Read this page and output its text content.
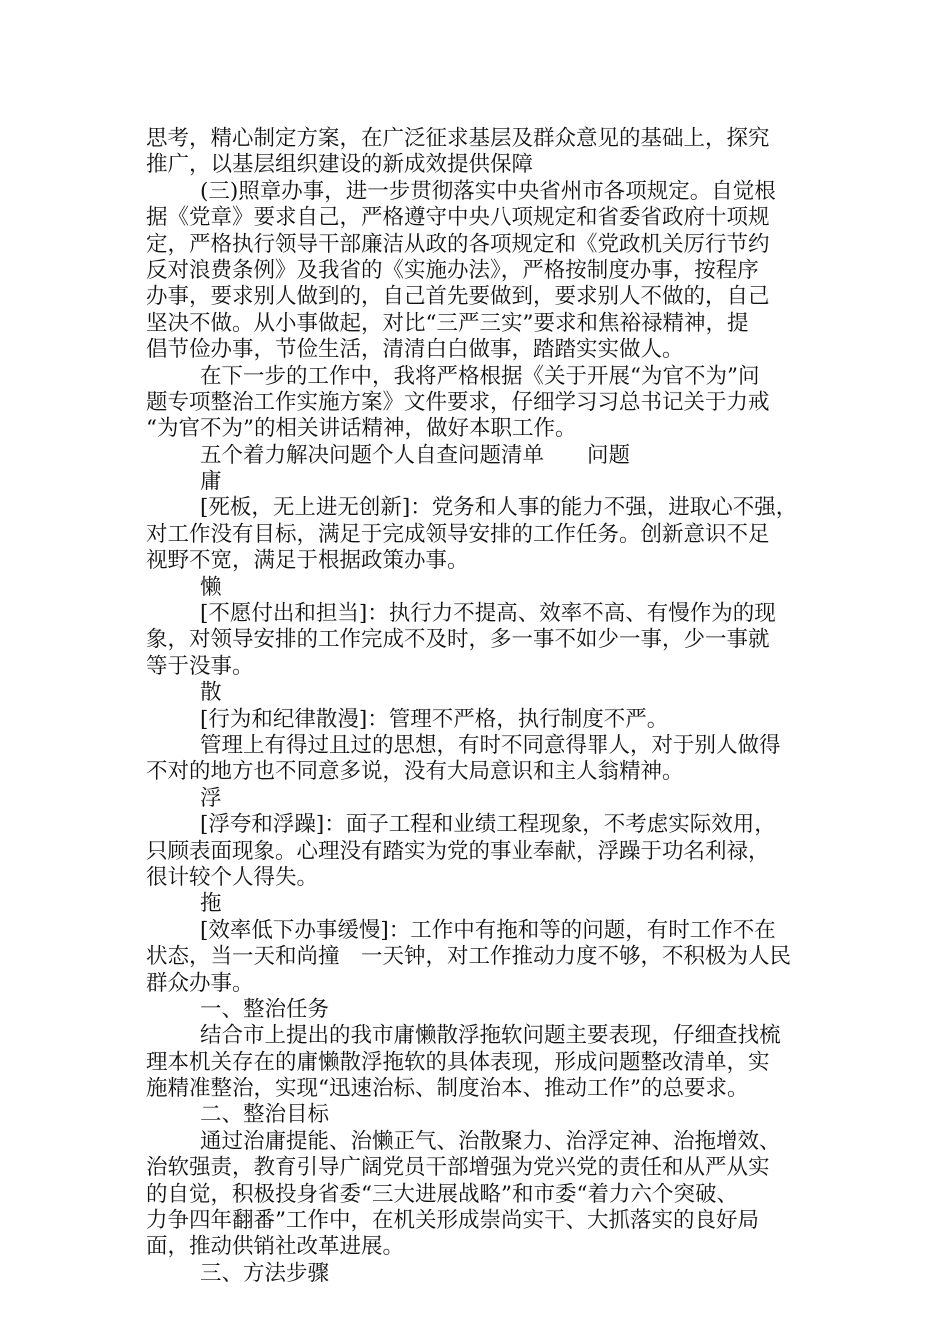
思考，精心制定方案，在广泛征求基层及群众意见的基础上，探究
推广，以基层组织建设的新成效提供保障
(三)照章办事，进一步贯彻落实中央省州市各项规定。自觉根
据《党章》要求自己，严格遵守中央八项规定和省委省政府十项规
定，严格执行领导干部廉洁从政的各项规定和《党政机关厉行节约
反对浪费条例》及我省的《实施办法》，严格按制度办事，按程序
办事，要求别人做到的，自己首先要做到，要求别人不做的，自己
坚决不做。从小事做起，对比“三严三实”要求和焦裕禄精神，提
倡节俭办事，节俭生活，清清白白做事，踏踏实实做人。
在下一步的工作中，我将严格根据《关于开展“为官不为”问
题专项整治工作实施方案》文件要求，仔细学习习总书记关于力戒
“为官不为”的相关讲话精神，做好本职工作。
五个着力解决问题个人自查问题清单　　问题
庸
[死板，无上进无创新]：党务和人事的能力不强，进取心不强，
对工作没有目标，满足于完成领导安排的工作任务。创新意识不足
视野不宽，满足于根据政策办事。
懒
[不愿付出和担当]：执行力不提高、效率不高、有慢作为的现
象，对领导安排的工作完成不及时，多一事不如少一事，少一事就
等于没事。
散
[行为和纪律散漫]：管理不严格，执行制度不严。
管理上有得过且过的思想，有时不同意得罪人，对于别人做得
不对的地方也不同意多说，没有大局意识和主人翁精神。
浮
[浮夸和浮躁]：面子工程和业绩工程现象，不考虑实际效用，
只顾表面现象。心理没有踏实为党的事业奉献，浮躁于功名利禄，
很计较个人得失。
拖
[效率低下办事缓慢]：工作中有拖和等的问题，有时工作不在
状态，当一天和尚撞　一天钟，对工作推动力度不够，不积极为人民
群众办事。
一、整治任务
结合市上提出的我市庸懒散浮拖软问题主要表现，仔细查找梳
理本机关存在的庸懒散浮拖软的具体表现，形成问题整改清单，实
施精准整治，实现“迅速治标、制度治本、推动工作”的总要求。
二、整治目标
通过治庸提能、治懒正气、治散聚力、治浮定神、治拖增效、
治软强责，教育引导广阔党员干部增强为党兴党的责任和从严从实
的自觉，积极投身省委“三大进展战略”和市委“着力六个突破、
力争四年翻番”工作中，在机关形成崇尚实干、大抓落实的良好局
面，推动供销社改革进展。
三、方法步骤
